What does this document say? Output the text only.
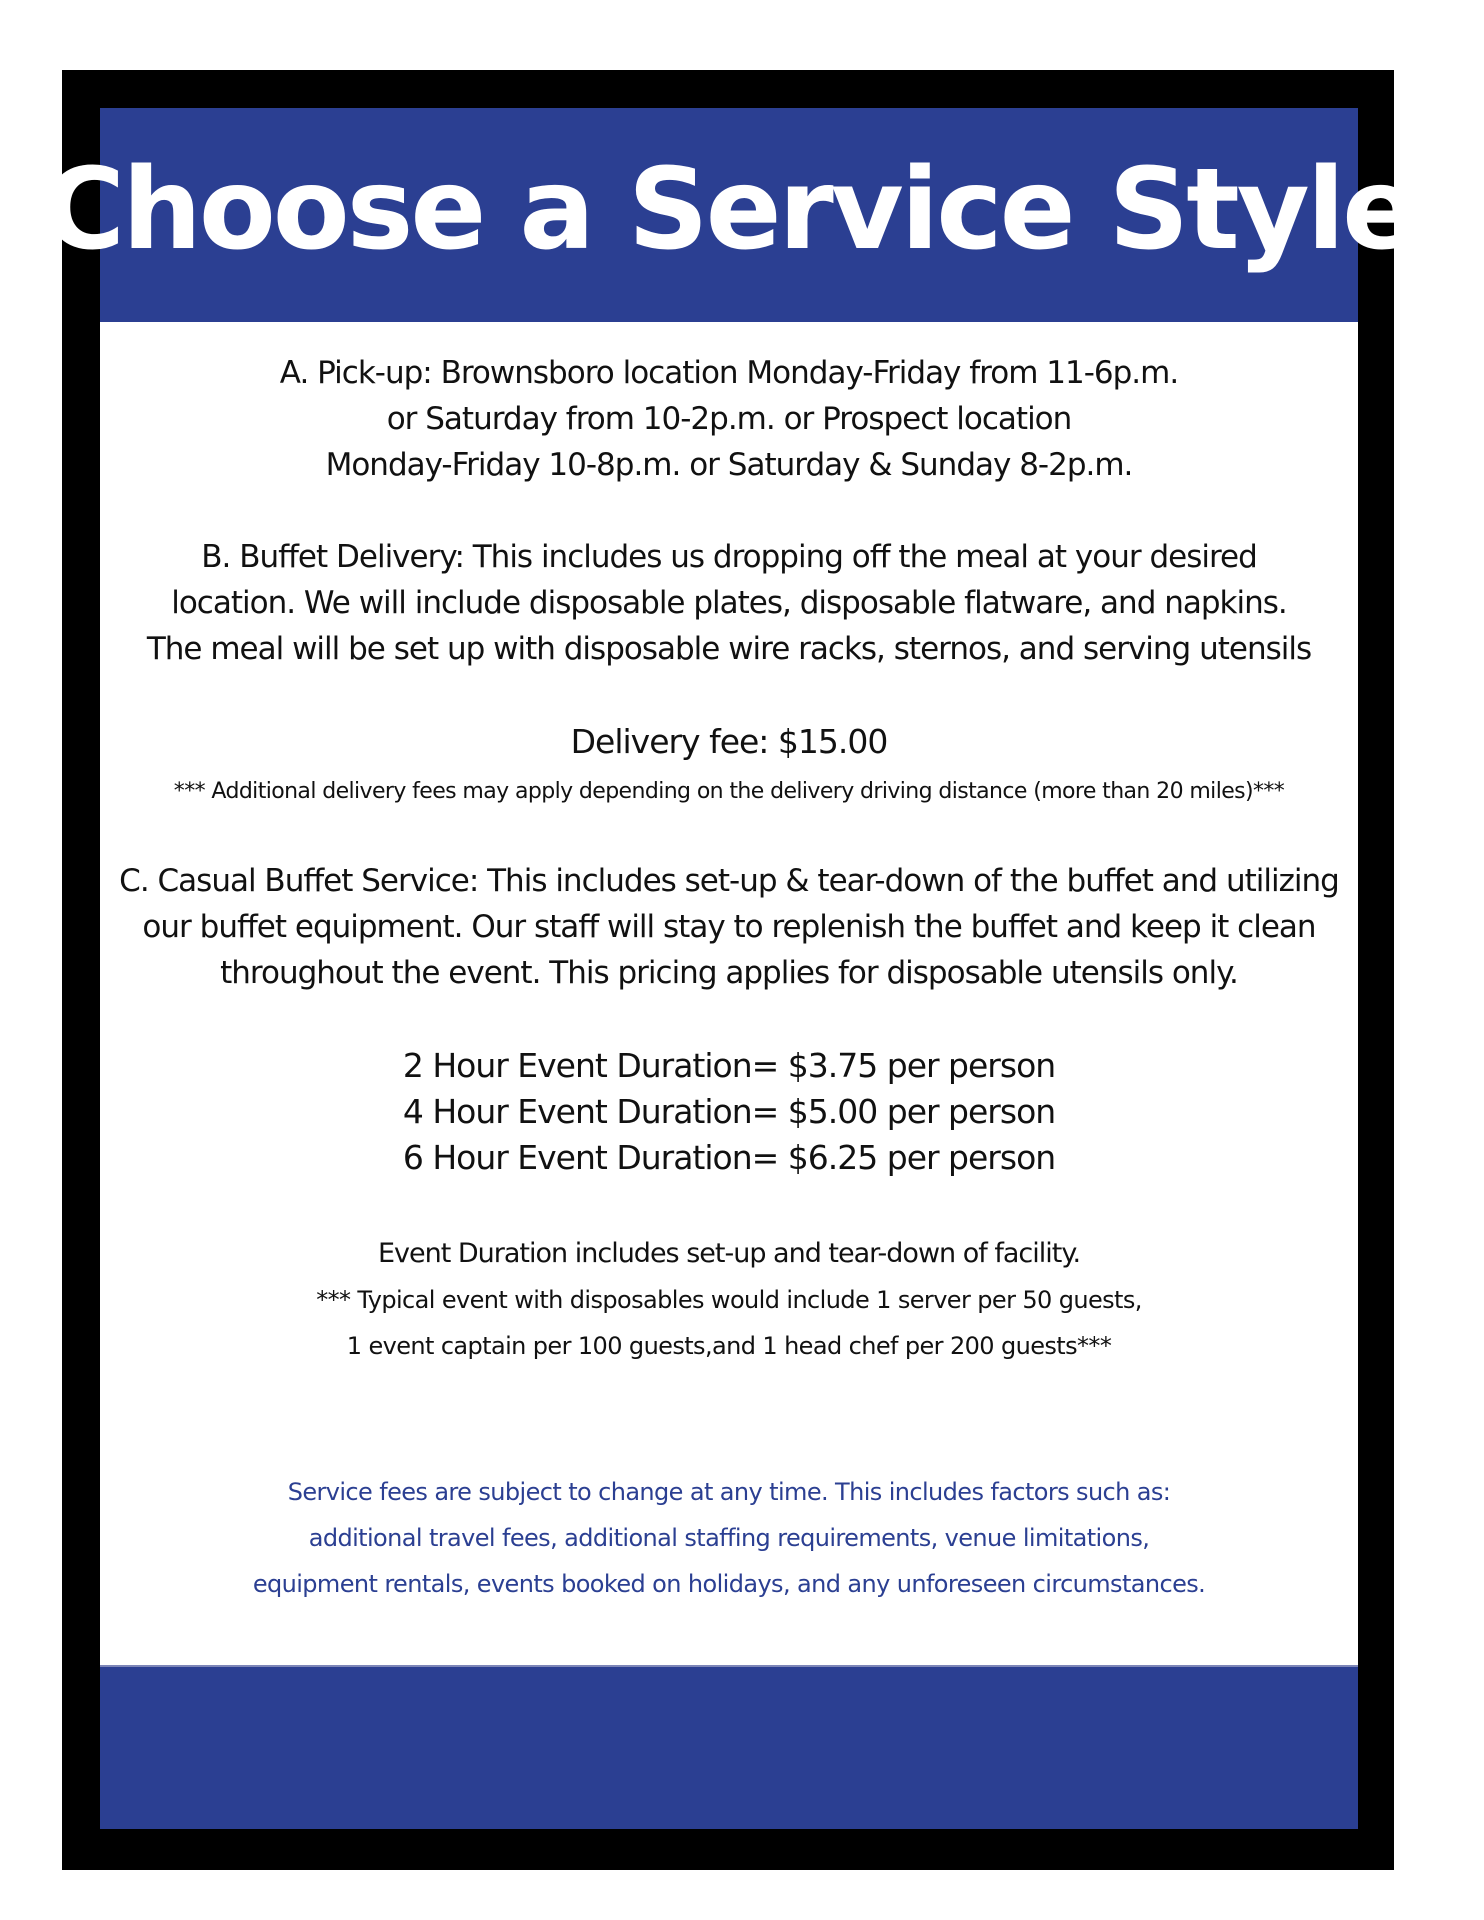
Choose a Service Style
A. Pick-up: Brownsboro location Monday-Friday from 11-6p.m.
or Saturday from 10-2p.m. or Prospect location
Monday-Friday 10-8p.m. or Saturday & Sunday 8-2p.m.
B. Buffet Delivery: This includes us dropping off the meal at your desired
location. We will include disposable plates, disposable flatware, and napkins.
The meal will be set up with disposable wire racks, sternos, and serving utensils
Delivery fee: $15.00
*** Additional delivery fees may apply depending on the delivery driving distance (more than 20 miles)***
C. Casual Buffet Service: This includes set-up & tear-down of the buffet and utilizing
our buffet equipment. Our staff will stay to replenish the buffet and keep it clean
throughout the event. This pricing applies for disposable utensils only.
2 Hour Event Duration= $3.75 per person
4 Hour Event Duration= $5.00 per person
6 Hour Event Duration= $6.25 per person
Event Duration includes set-up and tear-down of facility.
*** Typical event with disposables would include 1 server per 50 guests,
1 event captain per 100 guests,and 1 head chef per 200 guests***
Service fees are subject to change at any time. This includes factors such as:
additional travel fees, additional staffing requirements, venue limitations,
equipment rentals, events booked on holidays, and any unforeseen circumstances.
